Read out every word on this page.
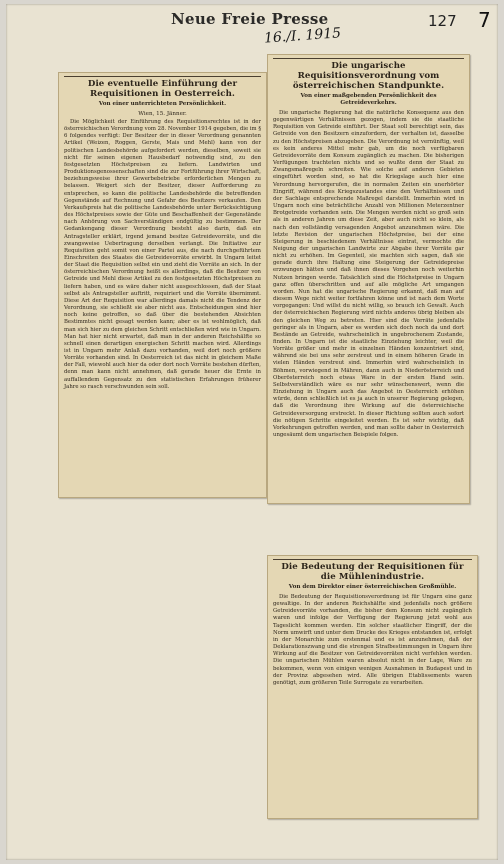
Neue Freie Presse	127
16./I. 1915
7
Die eventuelle Einführung der Requisitionen in Oesterreich.
Von einer unterrichteten Persönlichkeit.
Wien, 15. Jänner.

Die Möglichkeit der Einführung des Requisitionsrechtes ist in der österreichischen Verordnung vom 28. November 1914 gegeben, die im § 6 folgendes verfügt: Der Besitzer der in dieser Verordnung genannten Artikel (Weizen, Roggen, Gerste, Mais und Mehl) kann von der politischen Landesbehörde aufgefordert werden, dieselben, soweit sie nicht für seinen eigenen Hausbedarf notwendig sind, zu den festgesetzten Höchstpreisen zu liefern. Landwirten und Produktionsgenossenschaften sind die zur Fortführung ihrer Wirtschaft, beziehungsweise ihrer Gewerbebetriebe erforderlichen Mengen zu belassen. Weigert sich der Besitzer, dieser Aufforderung zu entsprechen, so kann die politische Landesbehörde die betreffenden Gegenstände auf Rechnung und Gefahr des Besitzers verkaufen. Den Verkaufspreis hat die politische Landesbehörde unter Berücksichtigung des Höchstpreises sowie der Güte und Beschaffenheit der Gegenstände nach Anhörung von Sachverständigen endgültig zu bestimmen. Der Gedankengang dieser Verordnung besteht also darin, daß ein Antragsteller erklärt, irgend jemand besitze Getreidevorräte, und die zwangsweise Uebertragung derselben verlangt. Die Initiative zur Requisition geht somit von einer Partei aus, die nach durchgeführtem Einschreiten des Staates die Getreidevorräte erwirbt. In Ungarn leitet der Staat die Requisition selbst ein und zieht die Vorräte an sich. In der österreichischen Verordnung heißt es allerdings, daß die Besitzer von Getreide und Mehl diese Artikel zu den festgesetzten Höchstpreisen zu liefern haben, und es wäre daher nicht ausgeschlossen, daß der Staat selbst als Antragsteller auftritt, requiriert und die Vorräte übernimmt. Diese Art der Requisition war allerdings damals nicht die Tendenz der Verordnung, sie schließt sie aber nicht aus. Entscheidungen sind hier noch keine getroffen, so daß über die bestehenden Absichten Bestimmtes nicht gesagt werden kann; aber es ist wohlmöglich, daß man sich hier zu dem gleichen Schritt entschließen wird wie in Ungarn. Man hat hier nicht erwartet, daß man in der anderen Reichshälfte so schnell einen derartigen energischen Schritt machen wird. Allerdings ist in Ungarn mehr Anlaß dazu vorhanden, weil dort noch größere Vorräte vorhanden sind. In Oesterreich ist das nicht in gleichem Maße der Fall, wiewohl auch hier da oder dort noch Vorräte bestehen dürften, denn man kann nicht annehmen, daß gerade heuer die Ernte in auffallendem Gegensatz zu den statistischen Erfahrungen früherer Jahre so rasch verschwunden sein soll.

Die ungarische Requisitionsverordnung vom österreichischen Standpunkte.
Von einer maßgebenden Persönlichkeit des Getreideverkehrs.

Die ungarische Regierung hat die natürliche Konsequenz aus den gegenwärtigen Verhältnissen gezogen, indem sie die staatliche Requisition von Getreide einführt. Der Staat soll berechtigt sein, das Getreide von den Besitzern einzufordern, der verhalten ist, dasselbe zu den Höchstpreisen abzugeben. Die Verordnung ist vernünftig, weil es kein anderes Mittel mehr gab, um die noch verfügbaren Getreidevorräte dem Konsum zugänglich zu machen. Die bisherigen Verfügungen trachteten nichts und so wußte denn der Staat zu Zwangsmaßregeln schreiten. Wie solche auf anderen Gebieten eingeführt worden sind, so hat die Kriegslage auch hier eine Verordnung hervorgerufen, die in normalen Zeiten ein unerhörter Eingriff, während des Kriegszustandes eine den Verhältnissen und der Sachlage entsprechende Maßregel darstellt. Immerhin wird in Ungarn noch eine beträchtliche Anzahl von Millionen Meterzentner Brotgetreide vorhanden sein. Die Mengen werden nicht so groß sein als in anderen Jahren um diese Zeit, aber auch nicht so klein, als nach den vollständig versagenden Angebot anzunehmen wäre. Die letzte Revision der ungarischen Höchstpreise, bei der eine Steigerung in beschiedenem Verhältnisse eintrat, vermochte die Neigung der ungarischen Landwirte zur Abgabe ihrer Vorräte gar nicht zu erhöhen. Im Gegenteil, sie machten sich sagen, daß sie gerade durch ihre Haltung eine Steigerung der Getreidepreise erzwungen hätten und daß ihnen dieses Vorgehen noch weiterhin Nutzen bringen werde. Tatsächlich sind die Höchstpreise in Ungarn ganz offen überschritten und auf alle mögliche Art umgangen worden. Nun hat die ungarische Regierung erkannt, daß man auf diesem Wege nicht weiter fortfahren könne und ist nach dem Worte vorgegangen: Und willst du nicht willig, so brauch ich Gewalt. Auch der österreichischen Regierung wird nichts anderes übrig bleiben als den gleichen Weg zu betreten. Hier sind die Vorräte jedenfalls geringer als in Ungarn, aber es werden sich doch noch da und dort Bestände an Getreide, wahrscheinlich in ungebrochenem Zustande, finden. In Ungarn ist die staatliche Einziehung leichter, weil die Vorräte größer und mehr in einzelnen Händen konzentriert sind, während sie bei uns sehr zerstreut und in einem höheren Grade in vielen Händen verstreut sind. Immerhin wird wahrscheinlich in Böhmen, vorwiegend in Mähren, dann auch in Niederösterreich und Oberösterreich noch etwas Ware in der ersten Hand sein. Selbstverständlich wäre es nur sehr wünschenswert, wenn die Einziehung in Ungarn auch das Angebot in Oesterreich erhöhen würde, denn schließlich ist es ja auch in unserer Regierung gelegen, daß die Verordnung ihre Wirkung auf die österreichische Getreideversorgung erstreckt. In dieser Richtung sollten auch sofort die nötigen Schritte eingeleitet werden. Es ist sehr wichtig, daß Vorkehrungen getroffen werden, und man sollte daher in Oesterreich ungesäumt dem ungarischen Beispiele folgen.

Die Bedeutung der Requisitionen für die Mühlenindustrie.
Von dem Direktor einer österreichischen Großmühle.

Die Bedeutung der Requisitionsverordnung ist für Ungarn eine ganz gewaltige. In der anderen Reichshälfte sind jedenfalls noch größere Getreidevorräte vorhanden, die bisher dem Konsum nicht zugänglich waren und infolge der Verfügung der Regierung jetzt wohl aus Tageslicht kommen werden. Ein solcher staatlicher Eingriff, der die Norm umwirft und unter dem Drucke des Krieges entstanden ist, erfolgt in der Monarchie zum erstenmal und es ist anzunehmen, daß der Deklarationszwang und die strengen Strafbestimmungen in Ungarn ihre Wirkung auf die Besitzer von Getreidevorräten nicht verfehlen werden. Die ungarischen Mühlen waren absolut nicht in der Lage, Ware zu bekommen, wenn von einigen wenigen Ausnahmen in Budapest und in der Provinz abgesehen wird. Alle übrigen Etablissements waren genötigt, zum größeren Teile Surrogate zu verarbeiten.
